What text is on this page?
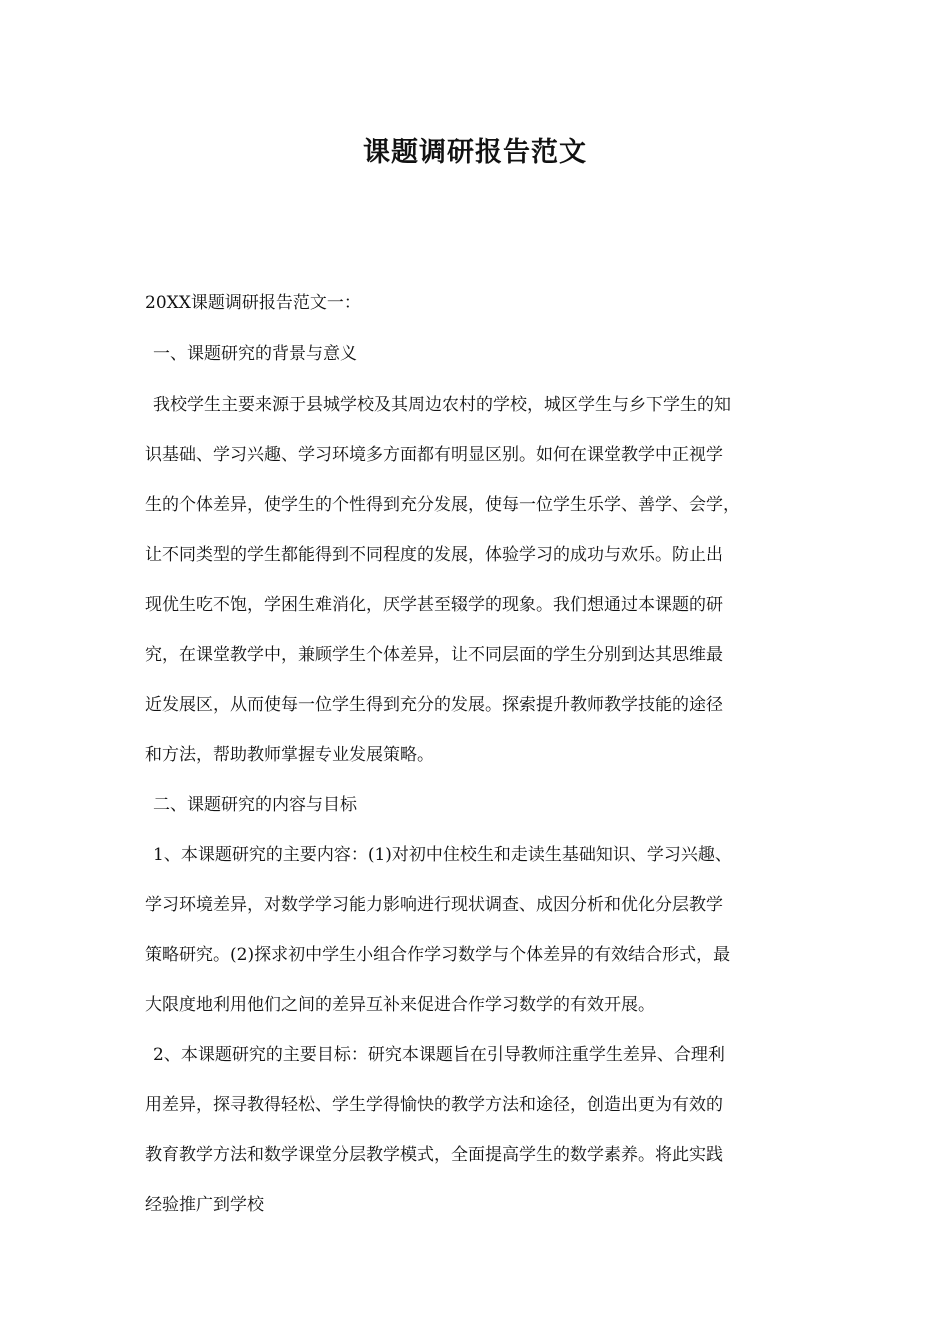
课题调研报告范文
20XX课题调研报告范文一：
一、课题研究的背景与意义
我校学生主要来源于县城学校及其周边农村的学校，城区学生与乡下学生的知
识基础、学习兴趣、学习环境多方面都有明显区别。如何在课堂教学中正视学
生的个体差异，使学生的个性得到充分发展，使每一位学生乐学、善学、会学，
让不同类型的学生都能得到不同程度的发展，体验学习的成功与欢乐。防止出
现优生吃不饱，学困生难消化，厌学甚至辍学的现象。我们想通过本课题的研
究，在课堂教学中，兼顾学生个体差异，让不同层面的学生分别到达其思维最
近发展区，从而使每一位学生得到充分的发展。探索提升教师教学技能的途径
和方法，帮助教师掌握专业发展策略。
二、课题研究的内容与目标
1、本课题研究的主要内容：(1)对初中住校生和走读生基础知识、学习兴趣、
学习环境差异，对数学学习能力影响进行现状调查、成因分析和优化分层教学
策略研究。(2)探求初中学生小组合作学习数学与个体差异的有效结合形式，最
大限度地利用他们之间的差异互补来促进合作学习数学的有效开展。
2、本课题研究的主要目标：研究本课题旨在引导教师注重学生差异、合理利
用差异，探寻教得轻松、学生学得愉快的教学方法和途径，创造出更为有效的
教育教学方法和数学课堂分层教学模式，全面提高学生的数学素养。将此实践
经验推广到学校
